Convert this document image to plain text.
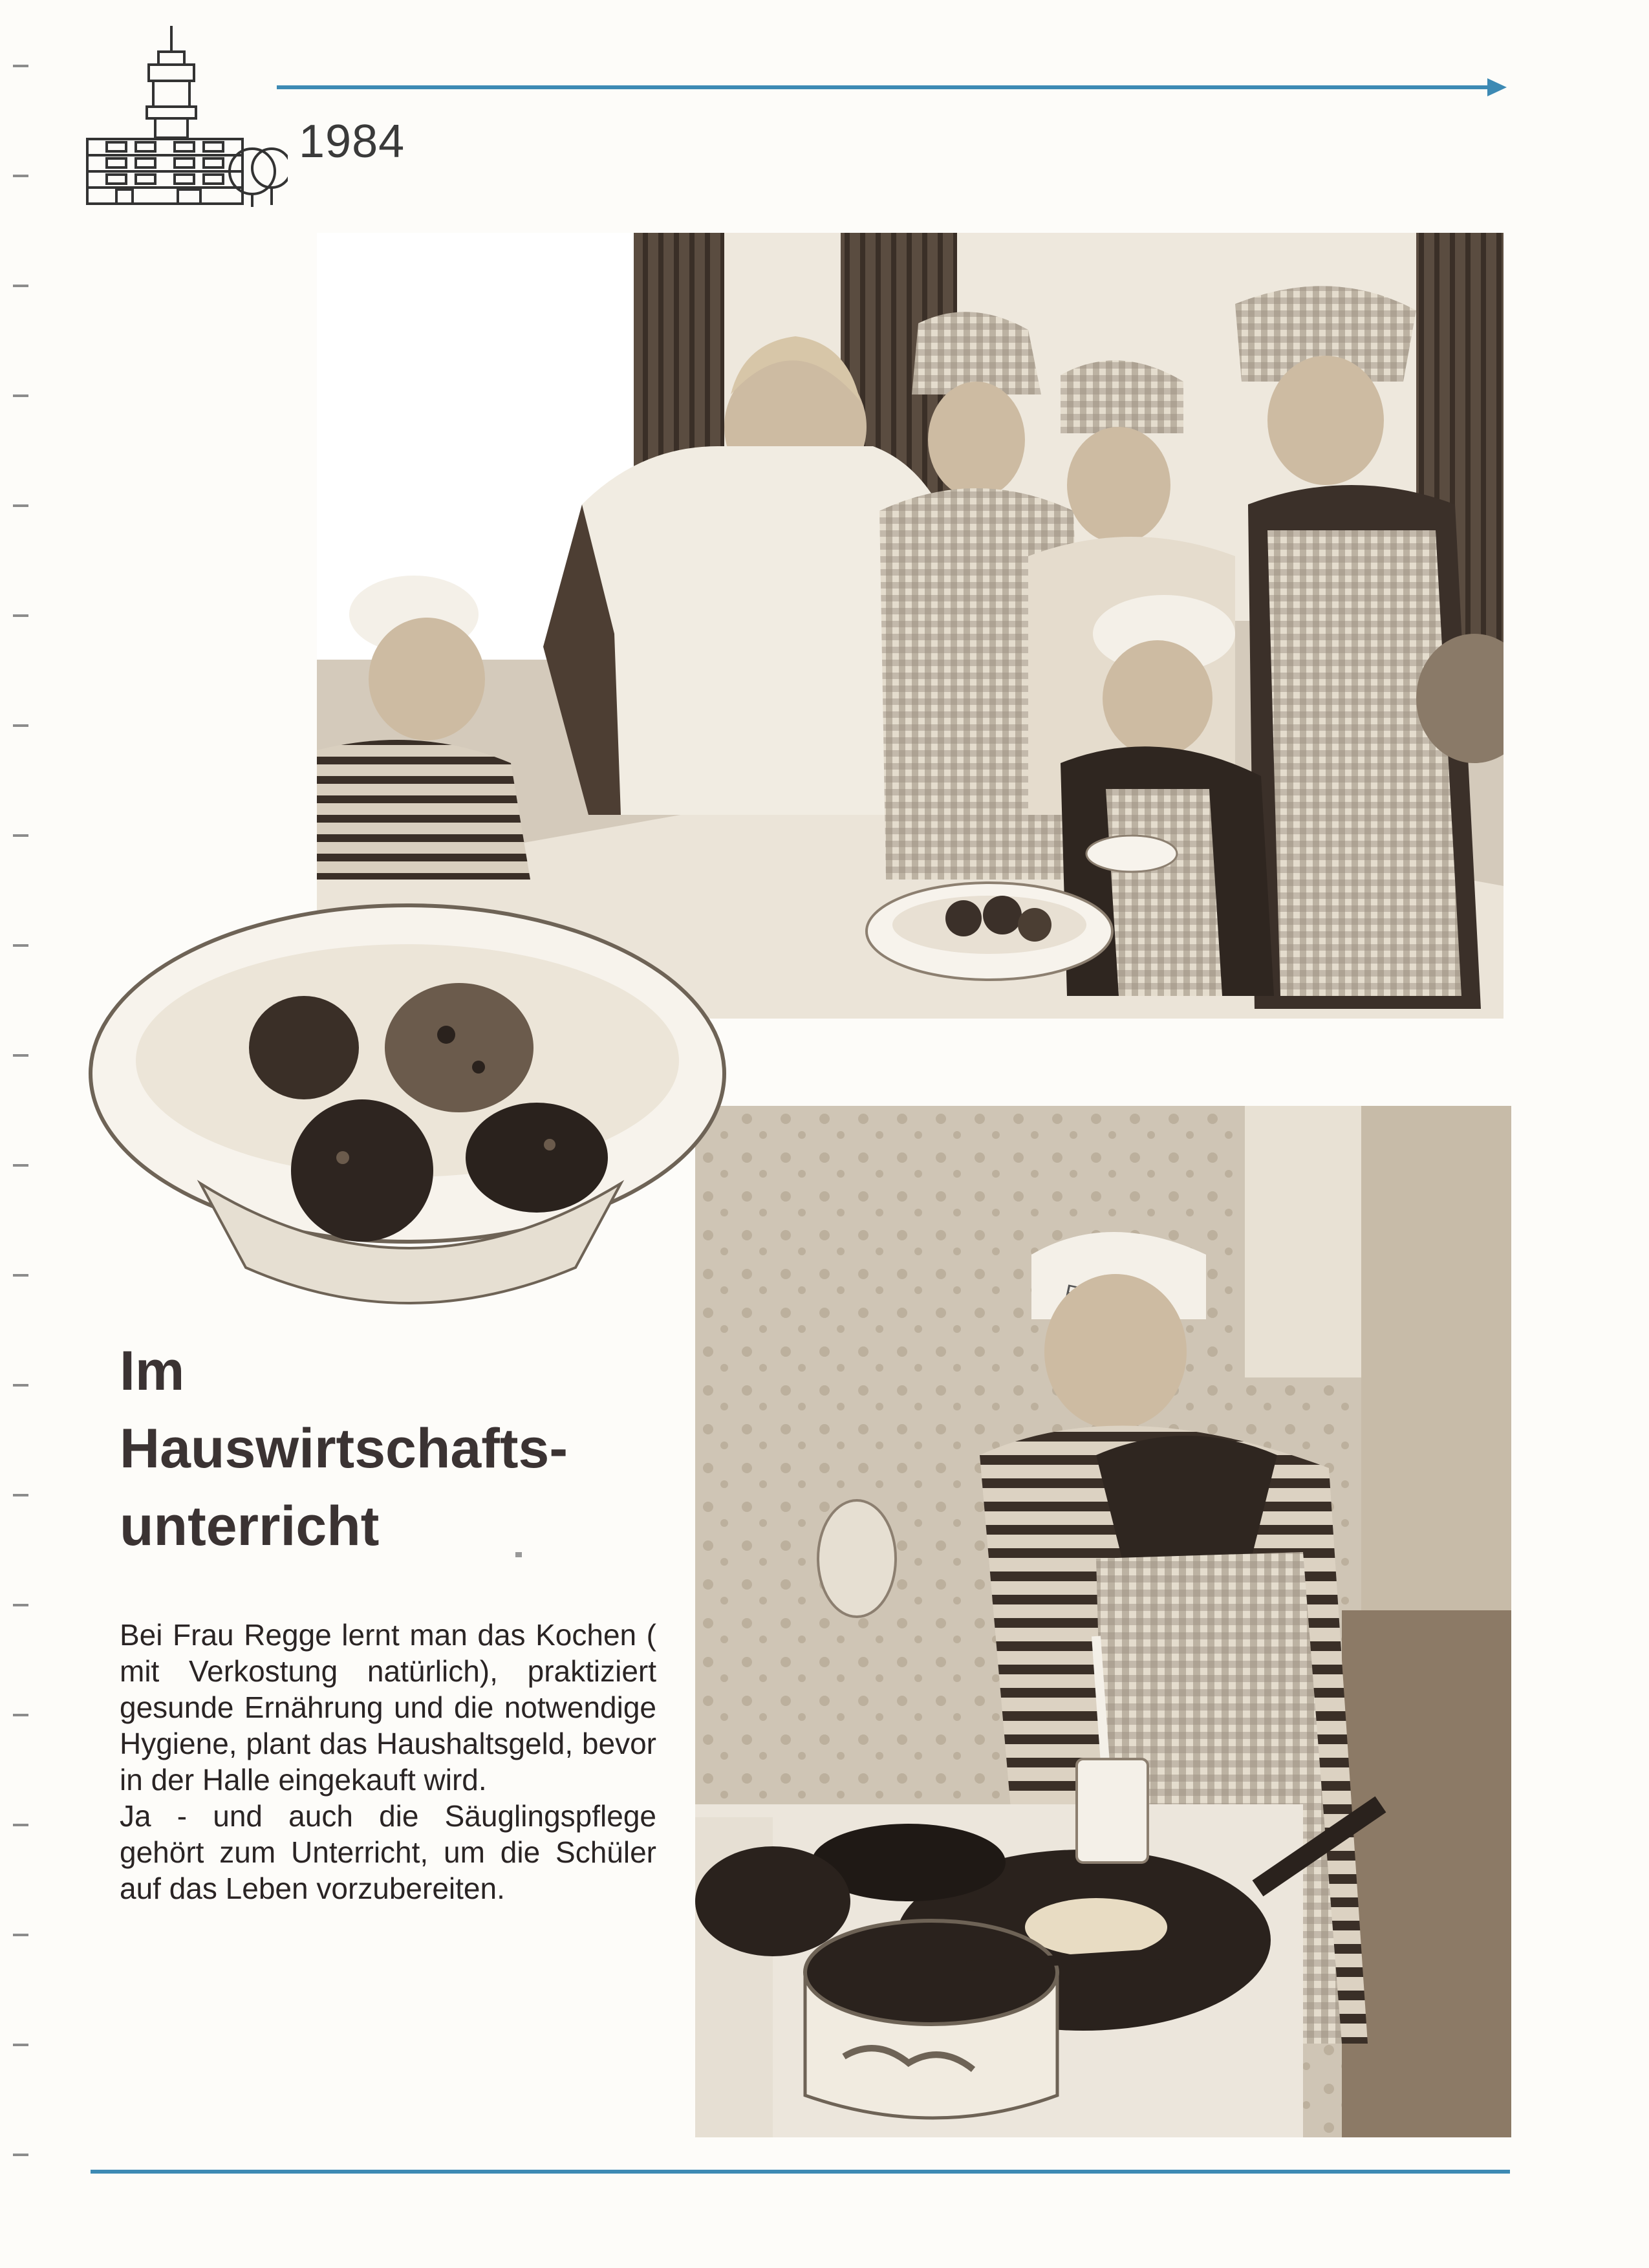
1984
Im
Hauswirtschafts-
unterricht

Bei Frau Regge lernt man das Kochen ( mit Verkostung natürlich), praktiziert gesunde Ernährung und die notwendige Hygiene, plant das Haushaltsgeld, bevor in der Halle eingekauft wird.

Ja - und auch die Säuglingspflege gehört zum Unterricht, um die Schüler auf das Leben vorzubereiten.
